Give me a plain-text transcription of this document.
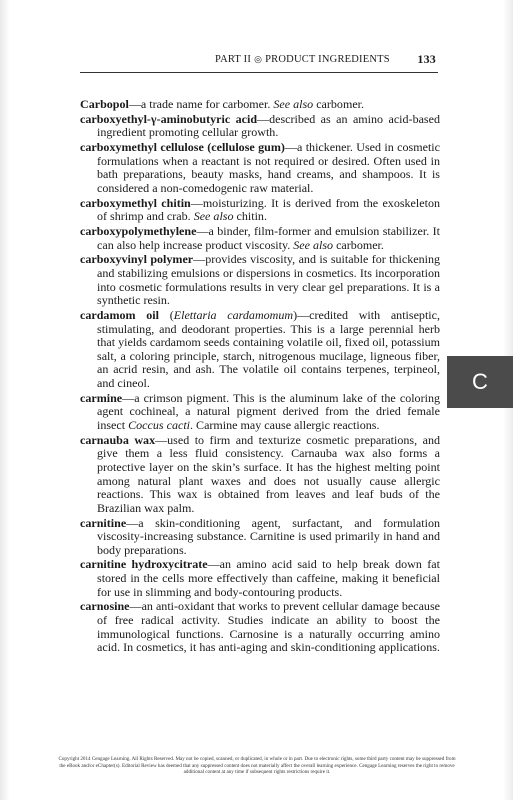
PART II ◎ PRODUCT INGREDIENTS 133

Carbopol—a trade name for carbomer. See also carbomer.

carboxyethyl-γ-aminobutyric acid—described as an amino acid-based ingredient promoting cellular growth.

carboxymethyl cellulose (cellulose gum)—a thickener. Used in cosmetic formulations when a reactant is not required or desired. Often used in bath preparations, beauty masks, hand creams, and shampoos. It is considered a non-comedogenic raw material.

carboxymethyl chitin—moisturizing. It is derived from the exoskeleton of shrimp and crab. See also chitin.

carboxypolymethylene—a binder, film-former and emulsion stabilizer. It can also help increase product viscosity. See also carbomer.

carboxyvinyl polymer—provides viscosity, and is suitable for thickening and stabilizing emulsions or dispersions in cosmetics. Its incorporation into cosmetic formulations results in very clear gel preparations. It is a synthetic resin.

cardamom oil (Elettaria cardamomum)—credited with antiseptic, stimulating, and deodorant properties. This is a large perennial herb that yields cardamom seeds containing volatile oil, fixed oil, potassium salt, a coloring principle, starch, nitrogenous mucilage, ligneous fiber, an acrid resin, and ash. The volatile oil contains terpenes, terpineol, and cineol.

carmine—a crimson pigment. This is the aluminum lake of the coloring agent cochineal, a natural pigment derived from the dried female insect Coccus cacti. Carmine may cause allergic reactions.

carnauba wax—used to firm and texturize cosmetic preparations, and give them a less fluid consistency. Carnauba wax also forms a protective layer on the skin’s surface. It has the highest melting point among natural plant waxes and does not usually cause allergic reactions. This wax is obtained from leaves and leaf buds of the Brazilian wax palm.

carnitine—a skin-conditioning agent, surfactant, and formulation viscosity-increasing substance. Carnitine is used primarily in hand and body preparations.

carnitine hydroxycitrate—an amino acid said to help break down fat stored in the cells more effectively than caffeine, making it beneficial for use in slimming and body-contouring products.

carnosine—an anti-oxidant that works to prevent cellular damage because of free radical activity. Studies indicate an ability to boost the immunological functions. Carnosine is a naturally occurring amino acid. In cosmetics, it has anti-aging and skin-conditioning applications.

C
Copyright 2014 Cengage Learning. All Rights Reserved. May not be copied, scanned, or duplicated, in whole or in part. Due to electronic rights, some third party content may be suppressed from the eBook and/or eChapter(s). Editorial Review has deemed that any suppressed content does not materially affect the overall learning experience. Cengage Learning reserves the right to remove additional content at any time if subsequent rights restrictions require it.
